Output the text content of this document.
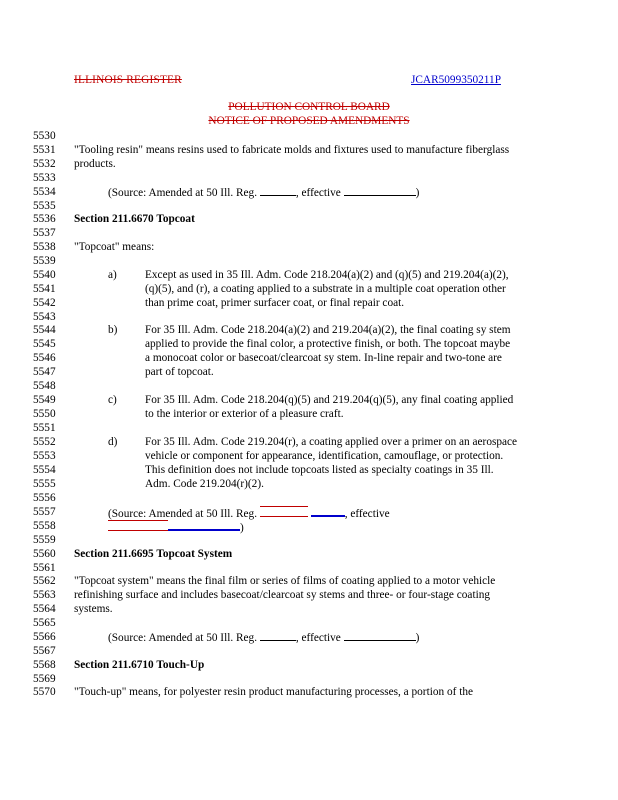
ILLINOIS REGISTER	JCAR5099350211P
POLLUTION CONTROL BOARD
NOTICE OF PROPOSED AMENDMENTS
5530
5531
5532
5533
5534
5535
5536
5537
5538
5539
5540
5541
5542
5543
5544
5545
5546
5547
5548
5549
5550
5551
5552
5553
5554
5555
5556
5557
5558
5559
5560
5561
5562
5563
5564
5565
5566
5567
5568
5569
5570
"Tooling resin" means resins used to fabricate molds and fixtures used to manufacture fiberglass
products.
(Source: Amended at 50 Ill. Reg.	, effective	)
Section 211.6670 Topcoat
"Topcoat" means:
a) Except as used in 35 Ill. Adm. Code 218.204(a)(2) and (q)(5) and 219.204(a)(2),
(q)(5), and (r), a coating applied to a substrate in a multiple coat operation other
than prime coat, primer surfacer coat, or final repair coat.
b) For 35 Ill. Adm. Code 218.204(a)(2) and 219.204(a)(2), the final coating sy stem
applied to provide the final color, a protective finish, or both. The topcoat maybe
a monocoat color or basecoat/clearcoat sy stem. In-line repair and two-tone are
part of topcoat.
c) For 35 Ill. Adm. Code 218.204(q)(5) and 219.204(q)(5), any final coating applied
to the interior or exterior of a pleasure craft.
d) For 35 Ill. Adm. Code 219.204(r), a coating applied over a primer on an aerospace
vehicle or component for appearance, identification, camouflage, or protection.
This definition does not include topcoats listed as specialty coatings in 35 Ill.
Adm. Code 219.204(r)(2).
(Source: Amended at 50 Ill. Reg.	, effective
)
Section 211.6695 Topcoat System
"Topcoat system" means the final film or series of films of coating applied to a motor vehicle
refinishing surface and includes basecoat/clearcoat sy stems and three- or four-stage coating
systems.
(Source: Amended at 50 Ill. Reg.	, effective	)
Section 211.6710 Touch-Up
"Touch-up" means, for polyester resin product manufacturing processes, a portion of the
